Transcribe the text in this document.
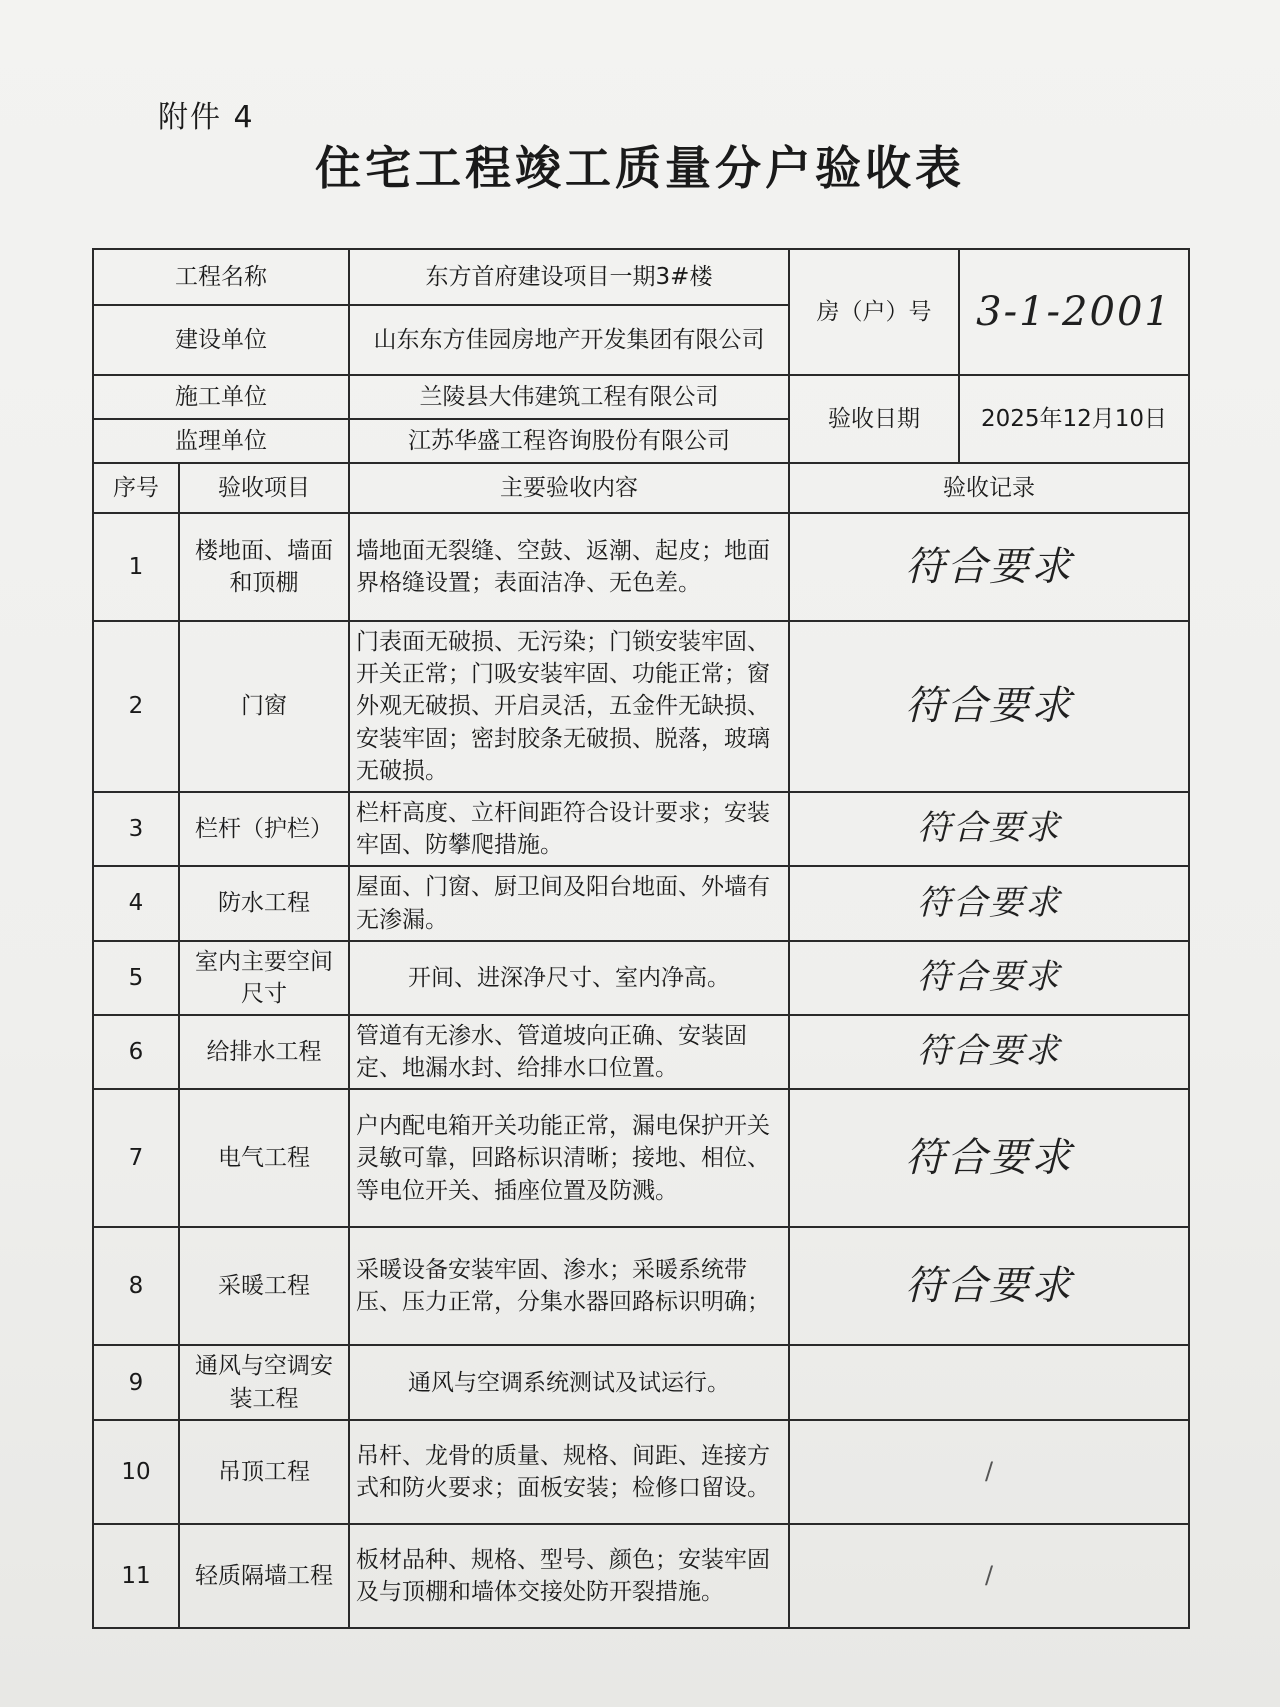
附件 4
住宅工程竣工质量分户验收表
工程名称		东方首府建设项目一期3#楼	房（户）号	3-1-2001
建设单位		山东东方佳园房地产开发集团有限公司		
施工单位		兰陵县大伟建筑工程有限公司	验收日期	2025年12月10日
监理单位		江苏华盛工程咨询股份有限公司		
序号	验收项目	主要验收内容	验收记录	
1	楼地面、墙面和顶棚	墙地面无裂缝、空鼓、返潮、起皮；地面界格缝设置；表面洁净、无色差。	符合要求	
2	门窗	门表面无破损、无污染；门锁安装牢固、开关正常；门吸安装牢固、功能正常；窗外观无破损、开启灵活，五金件无缺损、 安装牢固；密封胶条无破损、脱落，玻璃无破损。	符合要求	
3	栏杆（护栏）	栏杆高度、立杆间距符合设计要求；安装牢固、防攀爬措施。	符合要求	
4	防水工程	屋面、门窗、厨卫间及阳台地面、外墙有无渗漏。	符合要求	
5	室内主要空间尺寸	开间、进深净尺寸、室内净高。	符合要求	
6	给排水工程	管道有无渗水、管道坡向正确、安装固定、地漏水封、给排水口位置。	符合要求	
7	电气工程	户内配电箱开关功能正常，漏电保护开关灵敏可靠，回路标识清晰；接地、相位、等电位开关、插座位置及防溅。	符合要求	
8	采暖工程	采暖设备安装牢固、渗水；采暖系统带压、压力正常，分集水器回路标识明确；	符合要求	
9	通风与空调安装工程	通风与空调系统测试及试运行。		
10	吊顶工程	吊杆、龙骨的质量、规格、间距、连接方式和防火要求；面板安装；检修口留设。	/	
11	轻质隔墙工程	板材品种、规格、型号、颜色；安装牢固及与顶棚和墙体交接处防开裂措施。	/	
